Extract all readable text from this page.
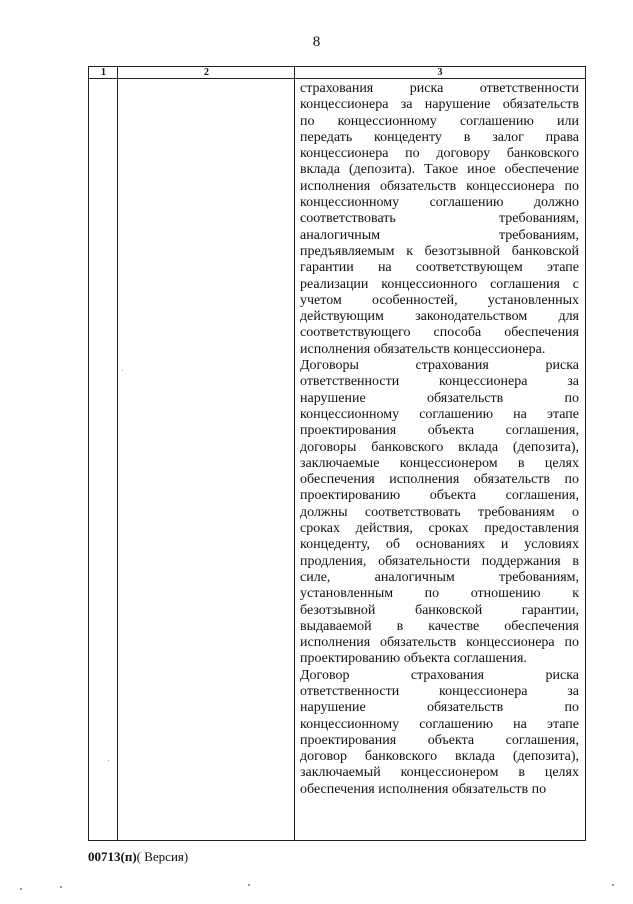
8
1	2	3
страхования риска ответственности
концессионера за нарушение обязательств
по концессионному соглашению или
передать концеденту в залог права
концессионера по договору банковского
вклада (депозита). Такое иное обеспечение
исполнения обязательств концессионера по
концессионному соглашению должно
соответствовать требованиям,
аналогичным требованиям,
предъявляемым к безотзывной банковской
гарантии на соответствующем этапе
реализации концессионного соглашения с
учетом особенностей, установленных
действующим законодательством для
соответствующего способа обеспечения
исполнения обязательств концессионера.
Договоры страхования риска
ответственности концессионера за
нарушение обязательств по
концессионному соглашению на этапе
проектирования объекта соглашения,
договоры банковского вклада (депозита),
заключаемые концессионером в целях
обеспечения исполнения обязательств по
проектированию объекта соглашения,
должны соответствовать требованиям о
сроках действия, сроках предоставления
концеденту, об основаниях и условиях
продления, обязательности поддержания в
силе, аналогичным требованиям,
установленным по отношению к
безотзывной банковской гарантии,
выдаваемой в качестве обеспечения
исполнения обязательств концессионера по
проектированию объекта соглашения.
Договор страхования риска
ответственности концессионера за
нарушение обязательств по
концессионному соглашению на этапе
проектирования объекта соглашения,
договор банковского вклада (депозита),
заключаемый концессионером в целях
обеспечения исполнения обязательств по
00713(п)( Версия)
